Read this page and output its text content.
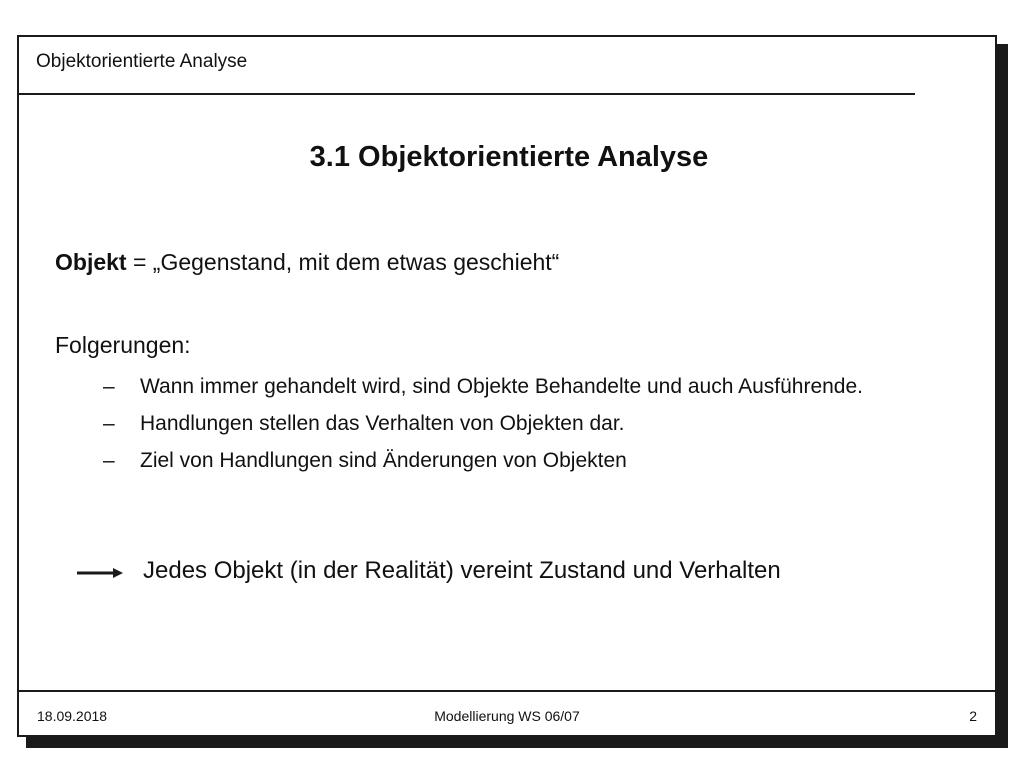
Objektorientierte Analyse
3.1 Objektorientierte Analyse
Objekt = „Gegenstand, mit dem etwas geschieht“
Folgerungen:
– Wann immer gehandelt wird, sind Objekte Behandelte und auch Ausführende.
– Handlungen stellen das Verhalten von Objekten dar.
– Ziel von Handlungen sind Änderungen von Objekten
Jedes Objekt (in der Realität) vereint Zustand und Verhalten
18.09.2018	Modellierung WS 06/07	2
